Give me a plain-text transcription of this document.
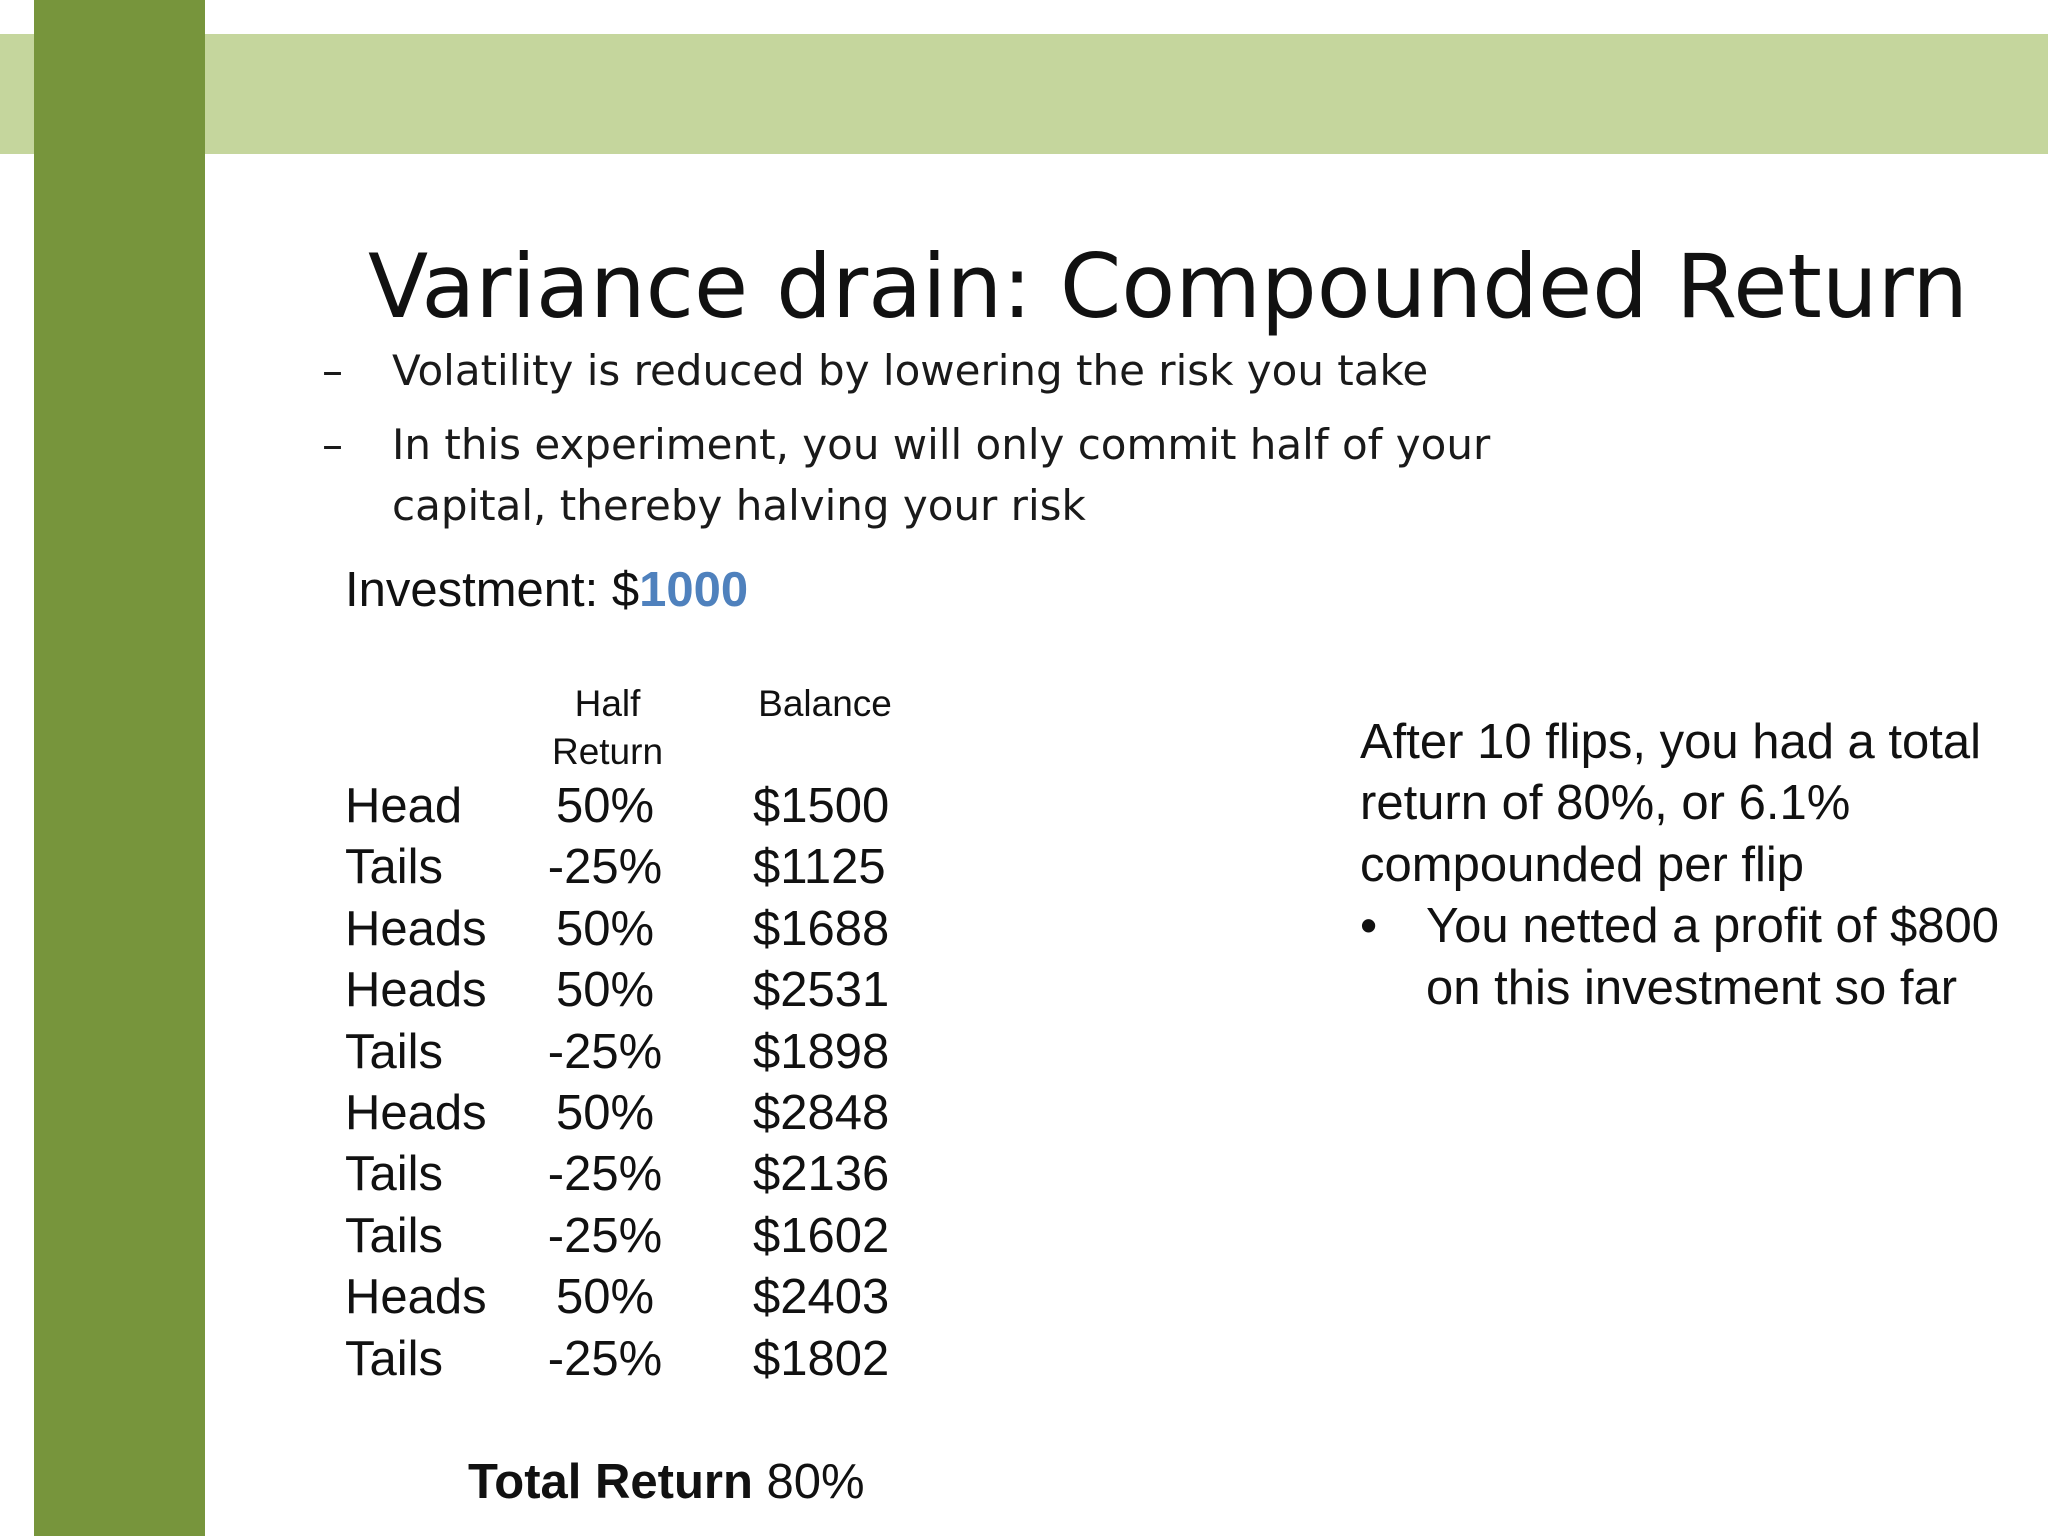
Variance drain: Compounded Return
–	Volatility is reduced by lowering the risk you take
–	In this experiment, you will only commit half of your capital, thereby halving your risk
Investment: $1000
Half Return
Balance
Head	50%	$1500
Tails -25% $1125
Heads	50%	$1688
Heads	50%	$2531
Tails -25% $1898
Heads	50%	$2848
Tails -25% $2136
Tails -25% $1602
Heads	50%	$2403
Tails -25% $1802
Total Return 80%
After 10 flips, you had a total return of 80%, or 6.1% compounded per flip
• You netted a profit of $800 on this investment so far
